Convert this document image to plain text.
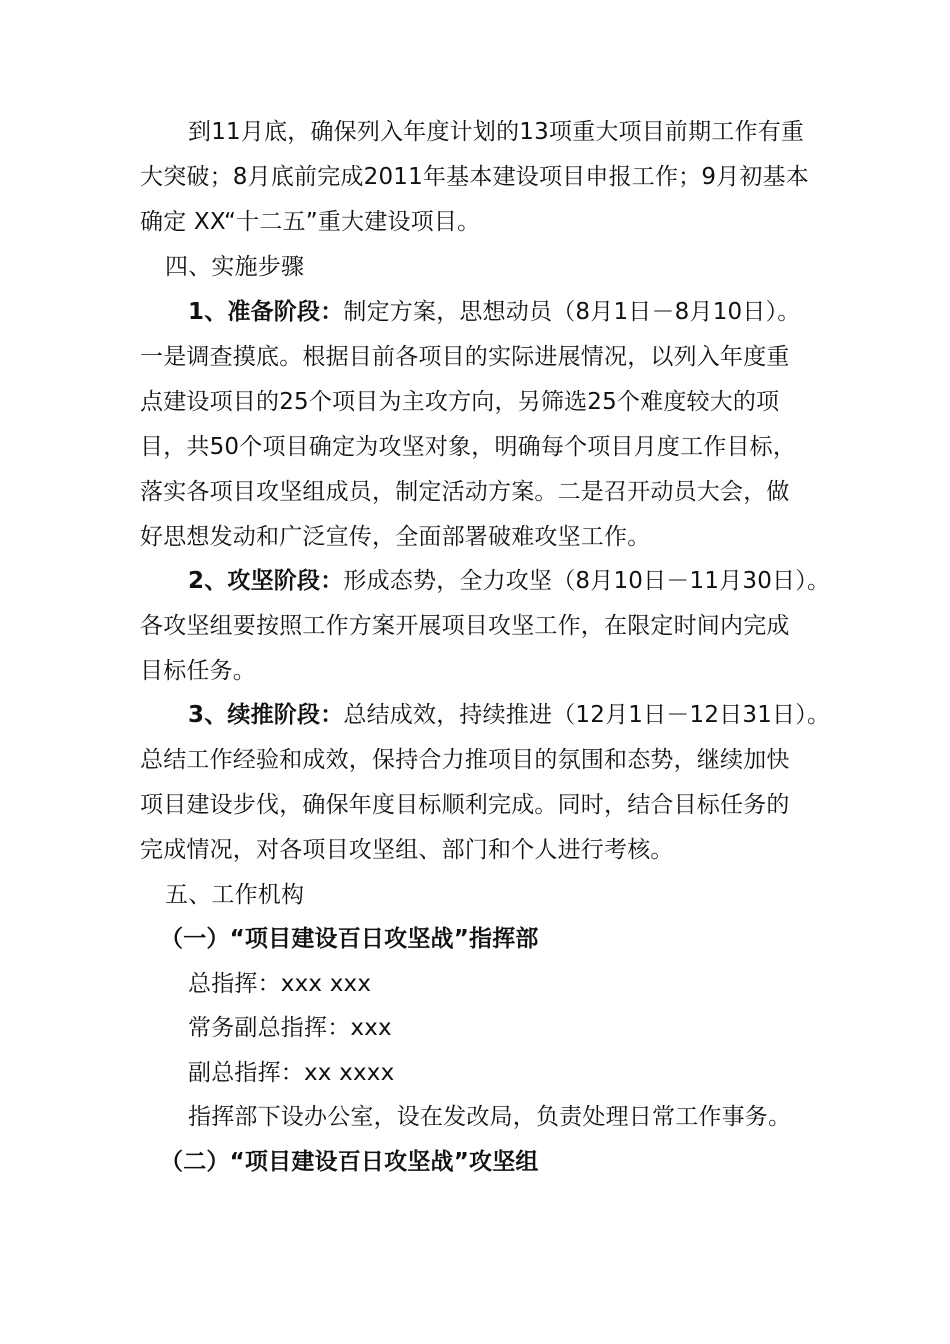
到11月底，确保列入年度计划的13项重大项目前期工作有重
大突破；8月底前完成2011年基本建设项目申报工作；9月初基本
确定 XX“十二五”重大建设项目。
四、实施步骤
1、准备阶段：制定方案，思想动员（8月1日－8月10日）。
一是调查摸底。根据目前各项目的实际进展情况，以列入年度重
点建设项目的25个项目为主攻方向，另筛选25个难度较大的项
目，共50个项目确定为攻坚对象，明确每个项目月度工作目标，
落实各项目攻坚组成员，制定活动方案。二是召开动员大会，做
好思想发动和广泛宣传，全面部署破难攻坚工作。
2、攻坚阶段：形成态势，全力攻坚（8月10日－11月30日）。
各攻坚组要按照工作方案开展项目攻坚工作，在限定时间内完成
目标任务。
3、续推阶段：总结成效，持续推进（12月1日－12日31日）。
总结工作经验和成效，保持合力推项目的氛围和态势，继续加快
项目建设步伐，确保年度目标顺利完成。同时，结合目标任务的
完成情况，对各项目攻坚组、部门和个人进行考核。
五、工作机构
（一）“项目建设百日攻坚战”指挥部
总指挥：xxx xxx
常务副总指挥：xxx
副总指挥：xx xxxx
指挥部下设办公室，设在发改局，负责处理日常工作事务。
（二）“项目建设百日攻坚战”攻坚组
